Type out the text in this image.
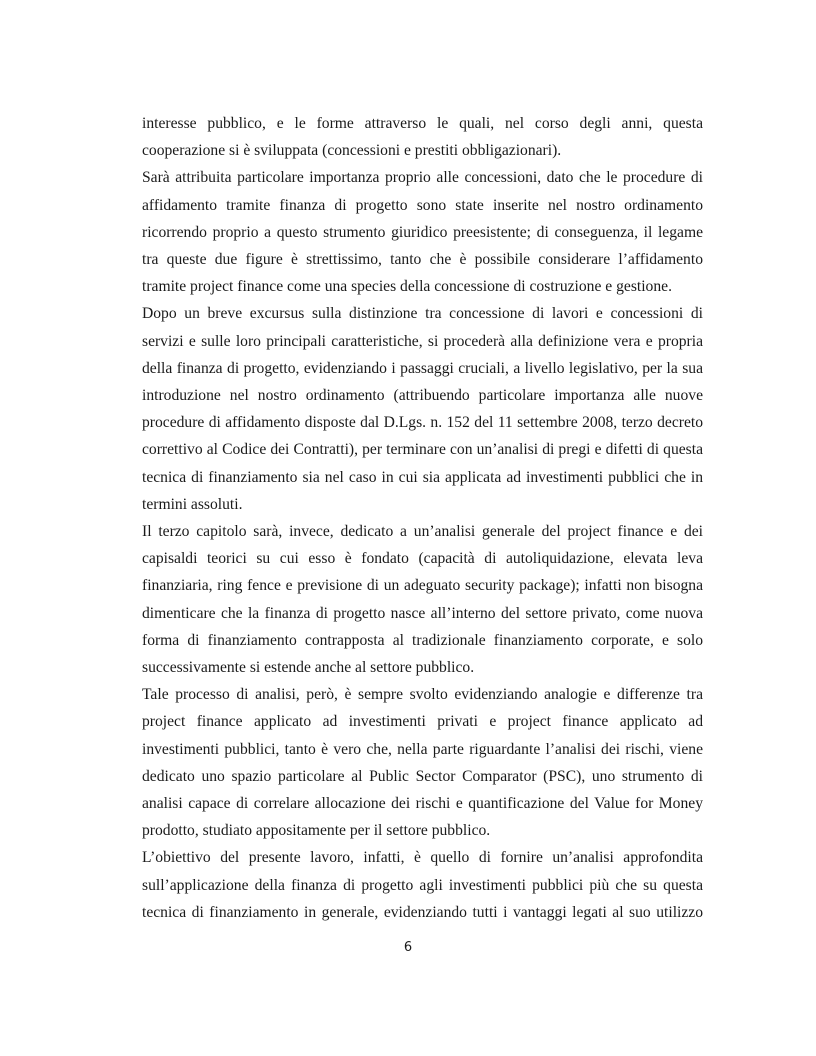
interesse pubblico, e le forme attraverso le quali, nel corso degli anni, questa cooperazione si è sviluppata (concessioni e prestiti obbligazionari).

Sarà attribuita particolare importanza proprio alle concessioni, dato che le procedure di affidamento tramite finanza di progetto sono state inserite nel nostro ordinamento ricorrendo proprio a questo strumento giuridico preesistente; di conseguenza, il legame tra queste due figure è strettissimo, tanto che è possibile considerare l’affidamento tramite project finance come una species della concessione di costruzione e gestione.

Dopo un breve excursus sulla distinzione tra concessione di lavori e concessioni di servizi e sulle loro principali caratteristiche, si procederà alla definizione vera e propria della finanza di progetto, evidenziando i passaggi cruciali, a livello legislativo, per la sua introduzione nel nostro ordinamento (attribuendo particolare importanza alle nuove procedure di affidamento disposte dal D.Lgs. n. 152 del 11 settembre 2008, terzo decreto correttivo al Codice dei Contratti), per terminare con un’analisi di pregi e difetti di questa tecnica di finanziamento sia nel caso in cui sia applicata ad investimenti pubblici che in termini assoluti.

Il terzo capitolo sarà, invece, dedicato a un’analisi generale del project finance e dei capisaldi teorici su cui esso è fondato (capacità di autoliquidazione, elevata leva finanziaria, ring fence e previsione di un adeguato security package); infatti non bisogna dimenticare che la finanza di progetto nasce all’interno del settore privato, come nuova forma di finanziamento contrapposta al tradizionale finanziamento corporate, e solo successivamente si estende anche al settore pubblico.

Tale processo di analisi, però, è sempre svolto evidenziando analogie e differenze tra project finance applicato ad investimenti privati e project finance applicato ad investimenti pubblici, tanto è vero che, nella parte riguardante l’analisi dei rischi, viene dedicato uno spazio particolare al Public Sector Comparator (PSC), uno strumento di analisi capace di correlare allocazione dei rischi e quantificazione del Value for Money prodotto, studiato appositamente per il settore pubblico.

L’obiettivo del presente lavoro, infatti, è quello di fornire un’analisi approfondita sull’applicazione della finanza di progetto agli investimenti pubblici più che su questa tecnica di finanziamento in generale, evidenziando tutti i vantaggi legati al suo utilizzo

6
